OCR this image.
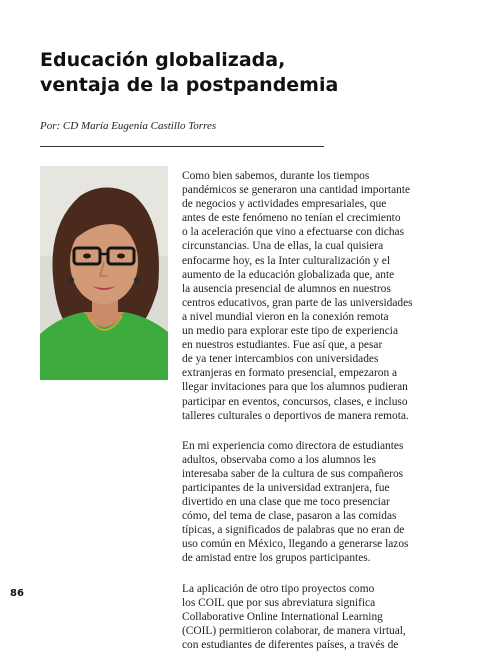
Educación globalizada,
ventaja de la postpandemia
Por: CD María Eugenia Castillo Torres
Como bien sabemos, durante los tiempos
pandémicos se generaron una cantidad importante
de negocios y actividades empresariales, que
antes de este fenómeno no tenían el crecimiento
o la aceleración que vino a efectuarse con dichas
circunstancias. Una de ellas, la cual quisiera
enfocarme hoy, es la Inter culturalización y el
aumento de la educación globalizada que, ante
la ausencia presencial de alumnos en nuestros
centros educativos, gran parte de las universidades
a nivel mundial vieron en la conexión remota
un medio para explorar este tipo de experiencia
en nuestros estudiantes. Fue así que, a pesar
de ya tener intercambios con universidades
extranjeras en formato presencial, empezaron a
llegar invitaciones para que los alumnos pudieran
participar en eventos, concursos, clases, e incluso
talleres culturales o deportivos de manera remota.
En mi experiencia como directora de estudiantes
adultos, observaba como a los alumnos les
interesaba saber de la cultura de sus compañeros
participantes de la universidad extranjera, fue
divertido en una clase que me toco presenciar
cómo, del tema de clase, pasaron a las comidas
típicas, a significados de palabras que no eran de
uso común en México, llegando a generarse lazos
de amistad entre los grupos participantes.
La aplicación de otro tipo proyectos como
los COIL que por sus abreviatura significa
Collaborative Online International Learning
(COIL) permitieron colaborar, de manera virtual,
con estudiantes de diferentes países, a través de
86
